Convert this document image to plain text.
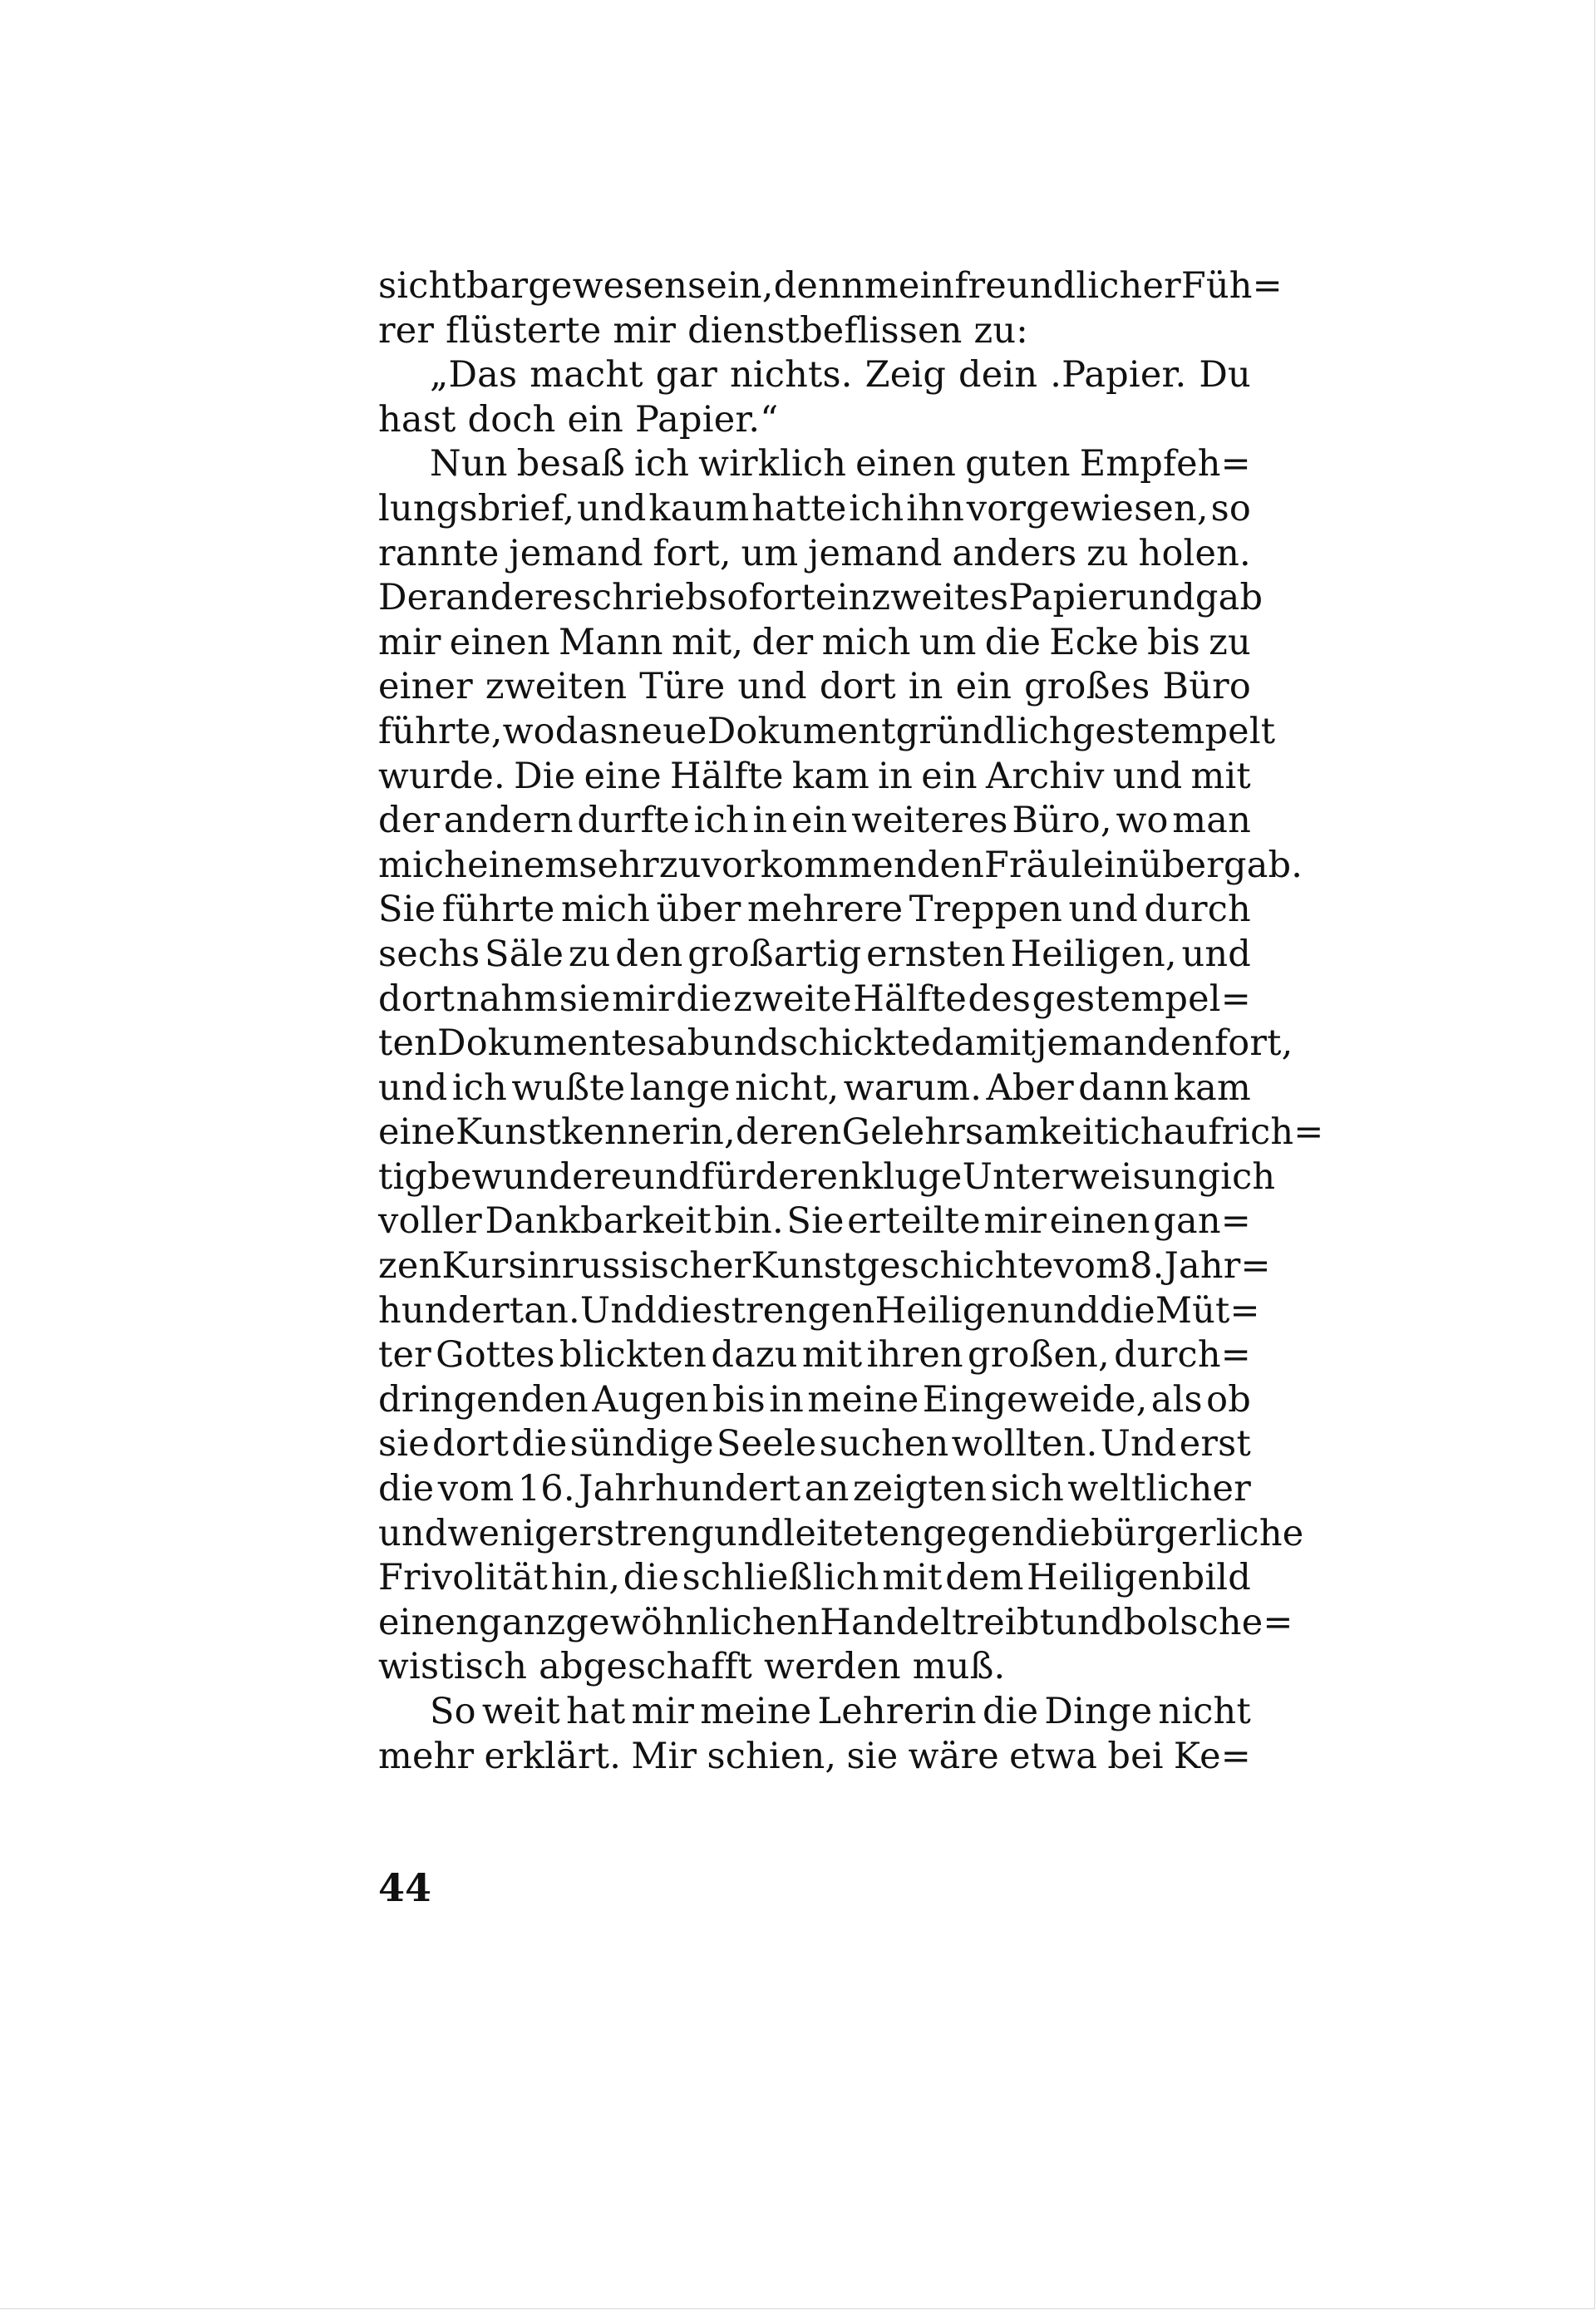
sichtbar gewesen sein, denn mein freundlicher Füh=
rer flüsterte mir dienstbeflissen zu:
„Das macht gar nichts. Zeig dein .Papier. Du
hast doch ein Papier.“
Nun besaß ich wirklich einen guten Empfeh=
lungsbrief, und kaum hatte ich ihn vorgewiesen, so
rannte jemand fort, um jemand anders zu holen.
Der andere schrieb sofort ein zweites Papier und gab
mir einen Mann mit, der mich um die Ecke bis zu
einer zweiten Türe und dort in ein großes Büro
führte, wo das neue Dokument gründlich gestempelt
wurde. Die eine Hälfte kam in ein Archiv und mit
der andern durfte ich in ein weiteres Büro, wo man
mich einem sehr zuvorkommenden Fräulein übergab.
Sie führte mich über mehrere Treppen und durch
sechs Säle zu den großartig ernsten Heiligen, und
dort nahm sie mir die zweite Hälfte des gestempel=
ten Dokumentes ab und schickte damit jemanden fort,
und ich wußte lange nicht, warum. Aber dann kam
eine Kunstkennerin, deren Gelehrsamkeit ich aufrich=
tig bewundere und für deren kluge Unterweisung ich
voller Dankbarkeit bin. Sie erteilte mir einen gan=
zen Kurs in russischer Kunstgeschichte vom 8. Jahr=
hundert an. Und die strengen Heiligen und die Müt=
ter Gottes blickten dazu mit ihren großen, durch=
dringenden Augen bis in meine Eingeweide, als ob
sie dort die sündige Seele suchen wollten. Und erst
die vom 16. Jahrhundert an zeigten sich weltlicher
und weniger streng und leiteten gegen die bürgerliche
Frivolität hin, die schließlich mit dem Heiligenbild
einen ganz gewöhnlichen Handel treibt und bolsche=
wistisch abgeschafft werden muß.
So weit hat mir meine Lehrerin die Dinge nicht
mehr erklärt. Mir schien, sie wäre etwa bei Ke=
44
